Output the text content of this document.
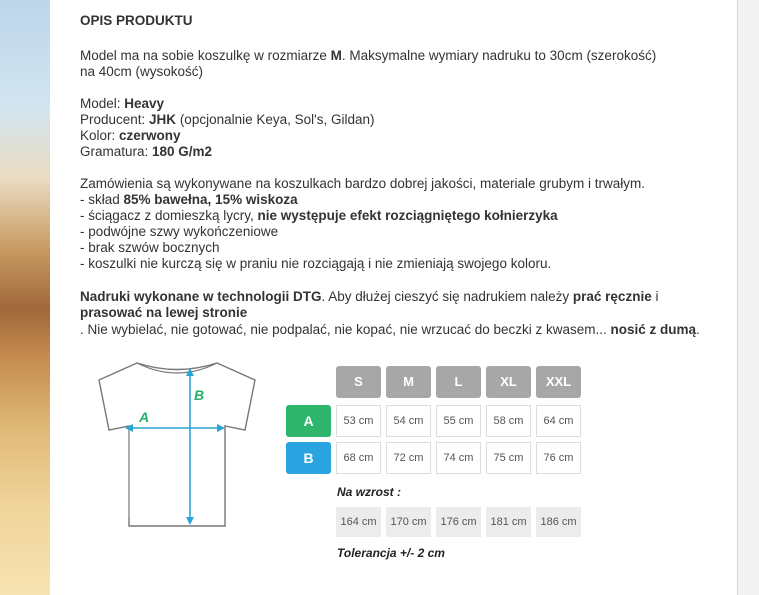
OPIS PRODUKTU

Model ma na sobie koszulkę w rozmiarze M. Maksymalne wymiary nadruku to 30cm (szerokość)

na 40cm (wysokość)

Model: Heavy

Producent: JHK (opcjonalnie Keya, Sol's, Gildan)

Kolor: czerwony

Gramatura: 180 G/m2

Zamówienia są wykonywane na koszulkach bardzo dobrej jakości, materiale grubym i trwałym.

- skład 85% bawełna, 15% wiskoza

- ściągacz z domieszką lycry, nie występuje efekt rozciągniętego kołnierzyka

- podwójne szwy wykończeniowe

- brak szwów bocznych

- koszulki nie kurczą się w praniu nie rozciągają i nie zmieniają swojego koloru.

Nadruki wykonane w technologii DTG. Aby dłużej cieszyć się nadrukiem należy prać ręcznie i

prasować na lewej stronie

. Nie wybielać, nie gotować, nie podpalać, nie kopać, nie wrzucać do beczki z kwasem... nosić z dumą.

A
B
S	M	L	XL	XXL
A	53 cm	54 cm	55 cm	58 cm	64 cm
B	68 cm	72 cm	74 cm	75 cm	76 cm
Na wzrost :
164 cm	170 cm	176 cm	181 cm	186 cm
Tolerancja +/- 2 cm
